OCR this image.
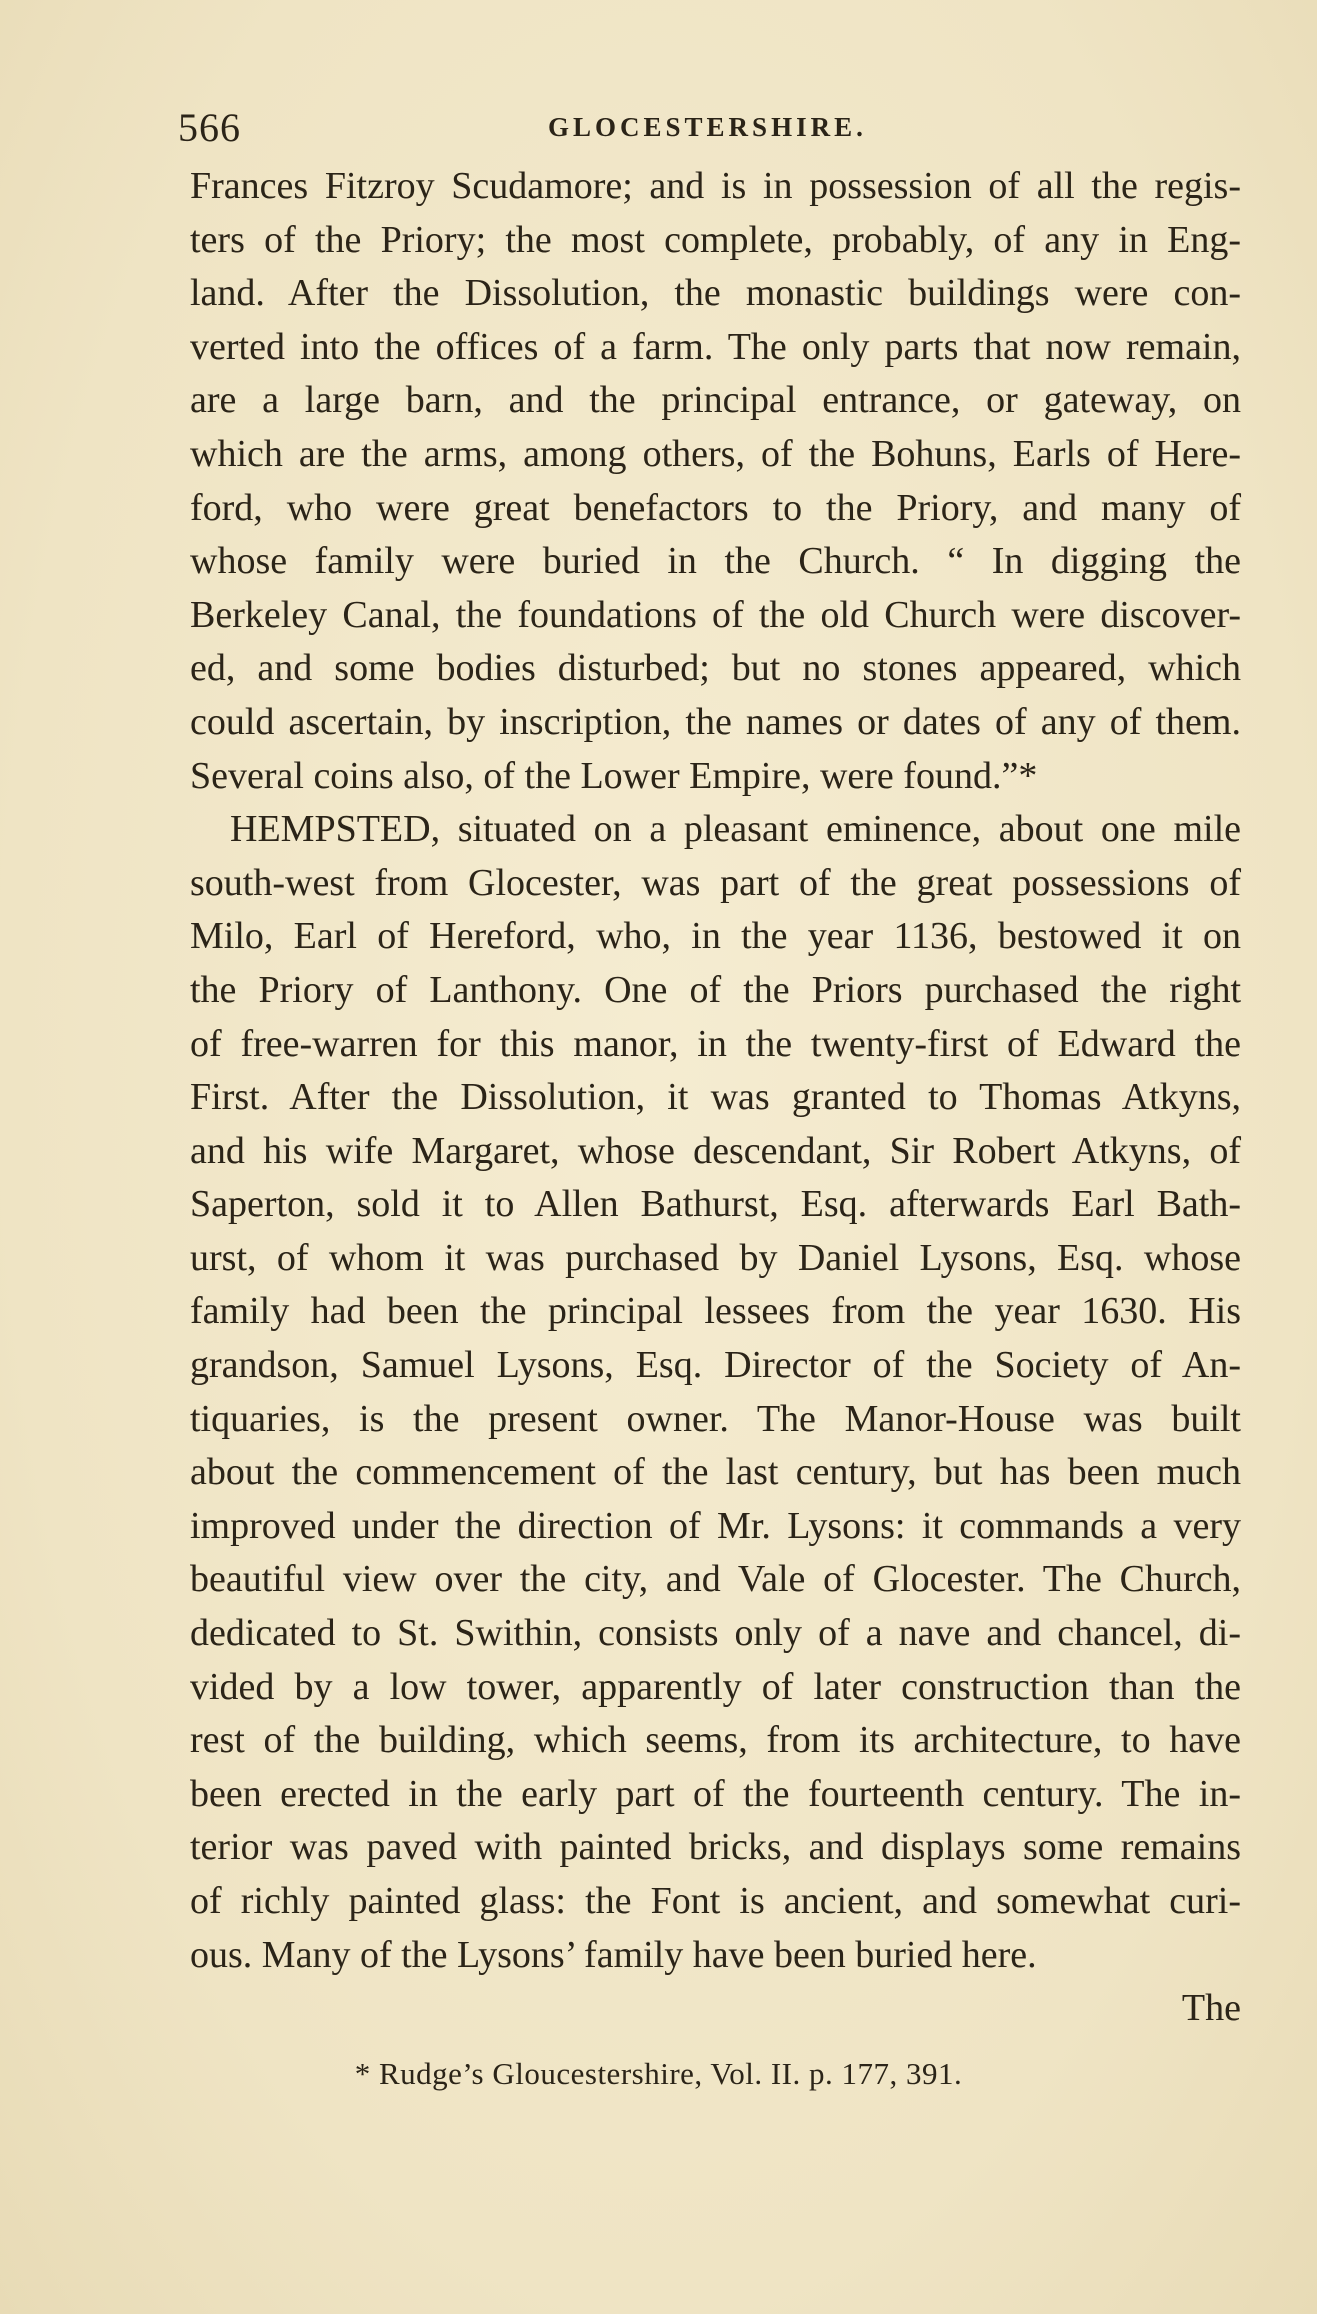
566	GLOCESTERSHIRE.
Frances Fitzroy Scudamore; and is in possession of all the regis-
ters of the Priory; the most complete, probably, of any in Eng-
land. After the Dissolution, the monastic buildings were con-
verted into the offices of a farm. The only parts that now remain,
are a large barn, and the principal entrance, or gateway, on
which are the arms, among others, of the Bohuns, Earls of Here-
ford, who were great benefactors to the Priory, and many of
whose family were buried in the Church. “ In digging the
Berkeley Canal, the foundations of the old Church were discover-
ed, and some bodies disturbed; but no stones appeared, which
could ascertain, by inscription, the names or dates of any of them.
Several coins also, of the Lower Empire, were found.”*
HEMPSTED, situated on a pleasant eminence, about one mile
south-west from Glocester, was part of the great possessions of
Milo, Earl of Hereford, who, in the year 1136, bestowed it on
the Priory of Lanthony. One of the Priors purchased the right
of free-warren for this manor, in the twenty-first of Edward the
First. After the Dissolution, it was granted to Thomas Atkyns,
and his wife Margaret, whose descendant, Sir Robert Atkyns, of
Saperton, sold it to Allen Bathurst, Esq. afterwards Earl Bath-
urst, of whom it was purchased by Daniel Lysons, Esq. whose
family had been the principal lessees from the year 1630. His
grandson, Samuel Lysons, Esq. Director of the Society of An-
tiquaries, is the present owner. The Manor-House was built
about the commencement of the last century, but has been much
improved under the direction of Mr. Lysons: it commands a very
beautiful view over the city, and Vale of Glocester. The Church,
dedicated to St. Swithin, consists only of a nave and chancel, di-
vided by a low tower, apparently of later construction than the
rest of the building, which seems, from its architecture, to have
been erected in the early part of the fourteenth century. The in-
terior was paved with painted bricks, and displays some remains
of richly painted glass: the Font is ancient, and somewhat curi-
ous. Many of the Lysons’ family have been buried here.
The
* Rudge’s Gloucestershire, Vol. II. p. 177, 391.
